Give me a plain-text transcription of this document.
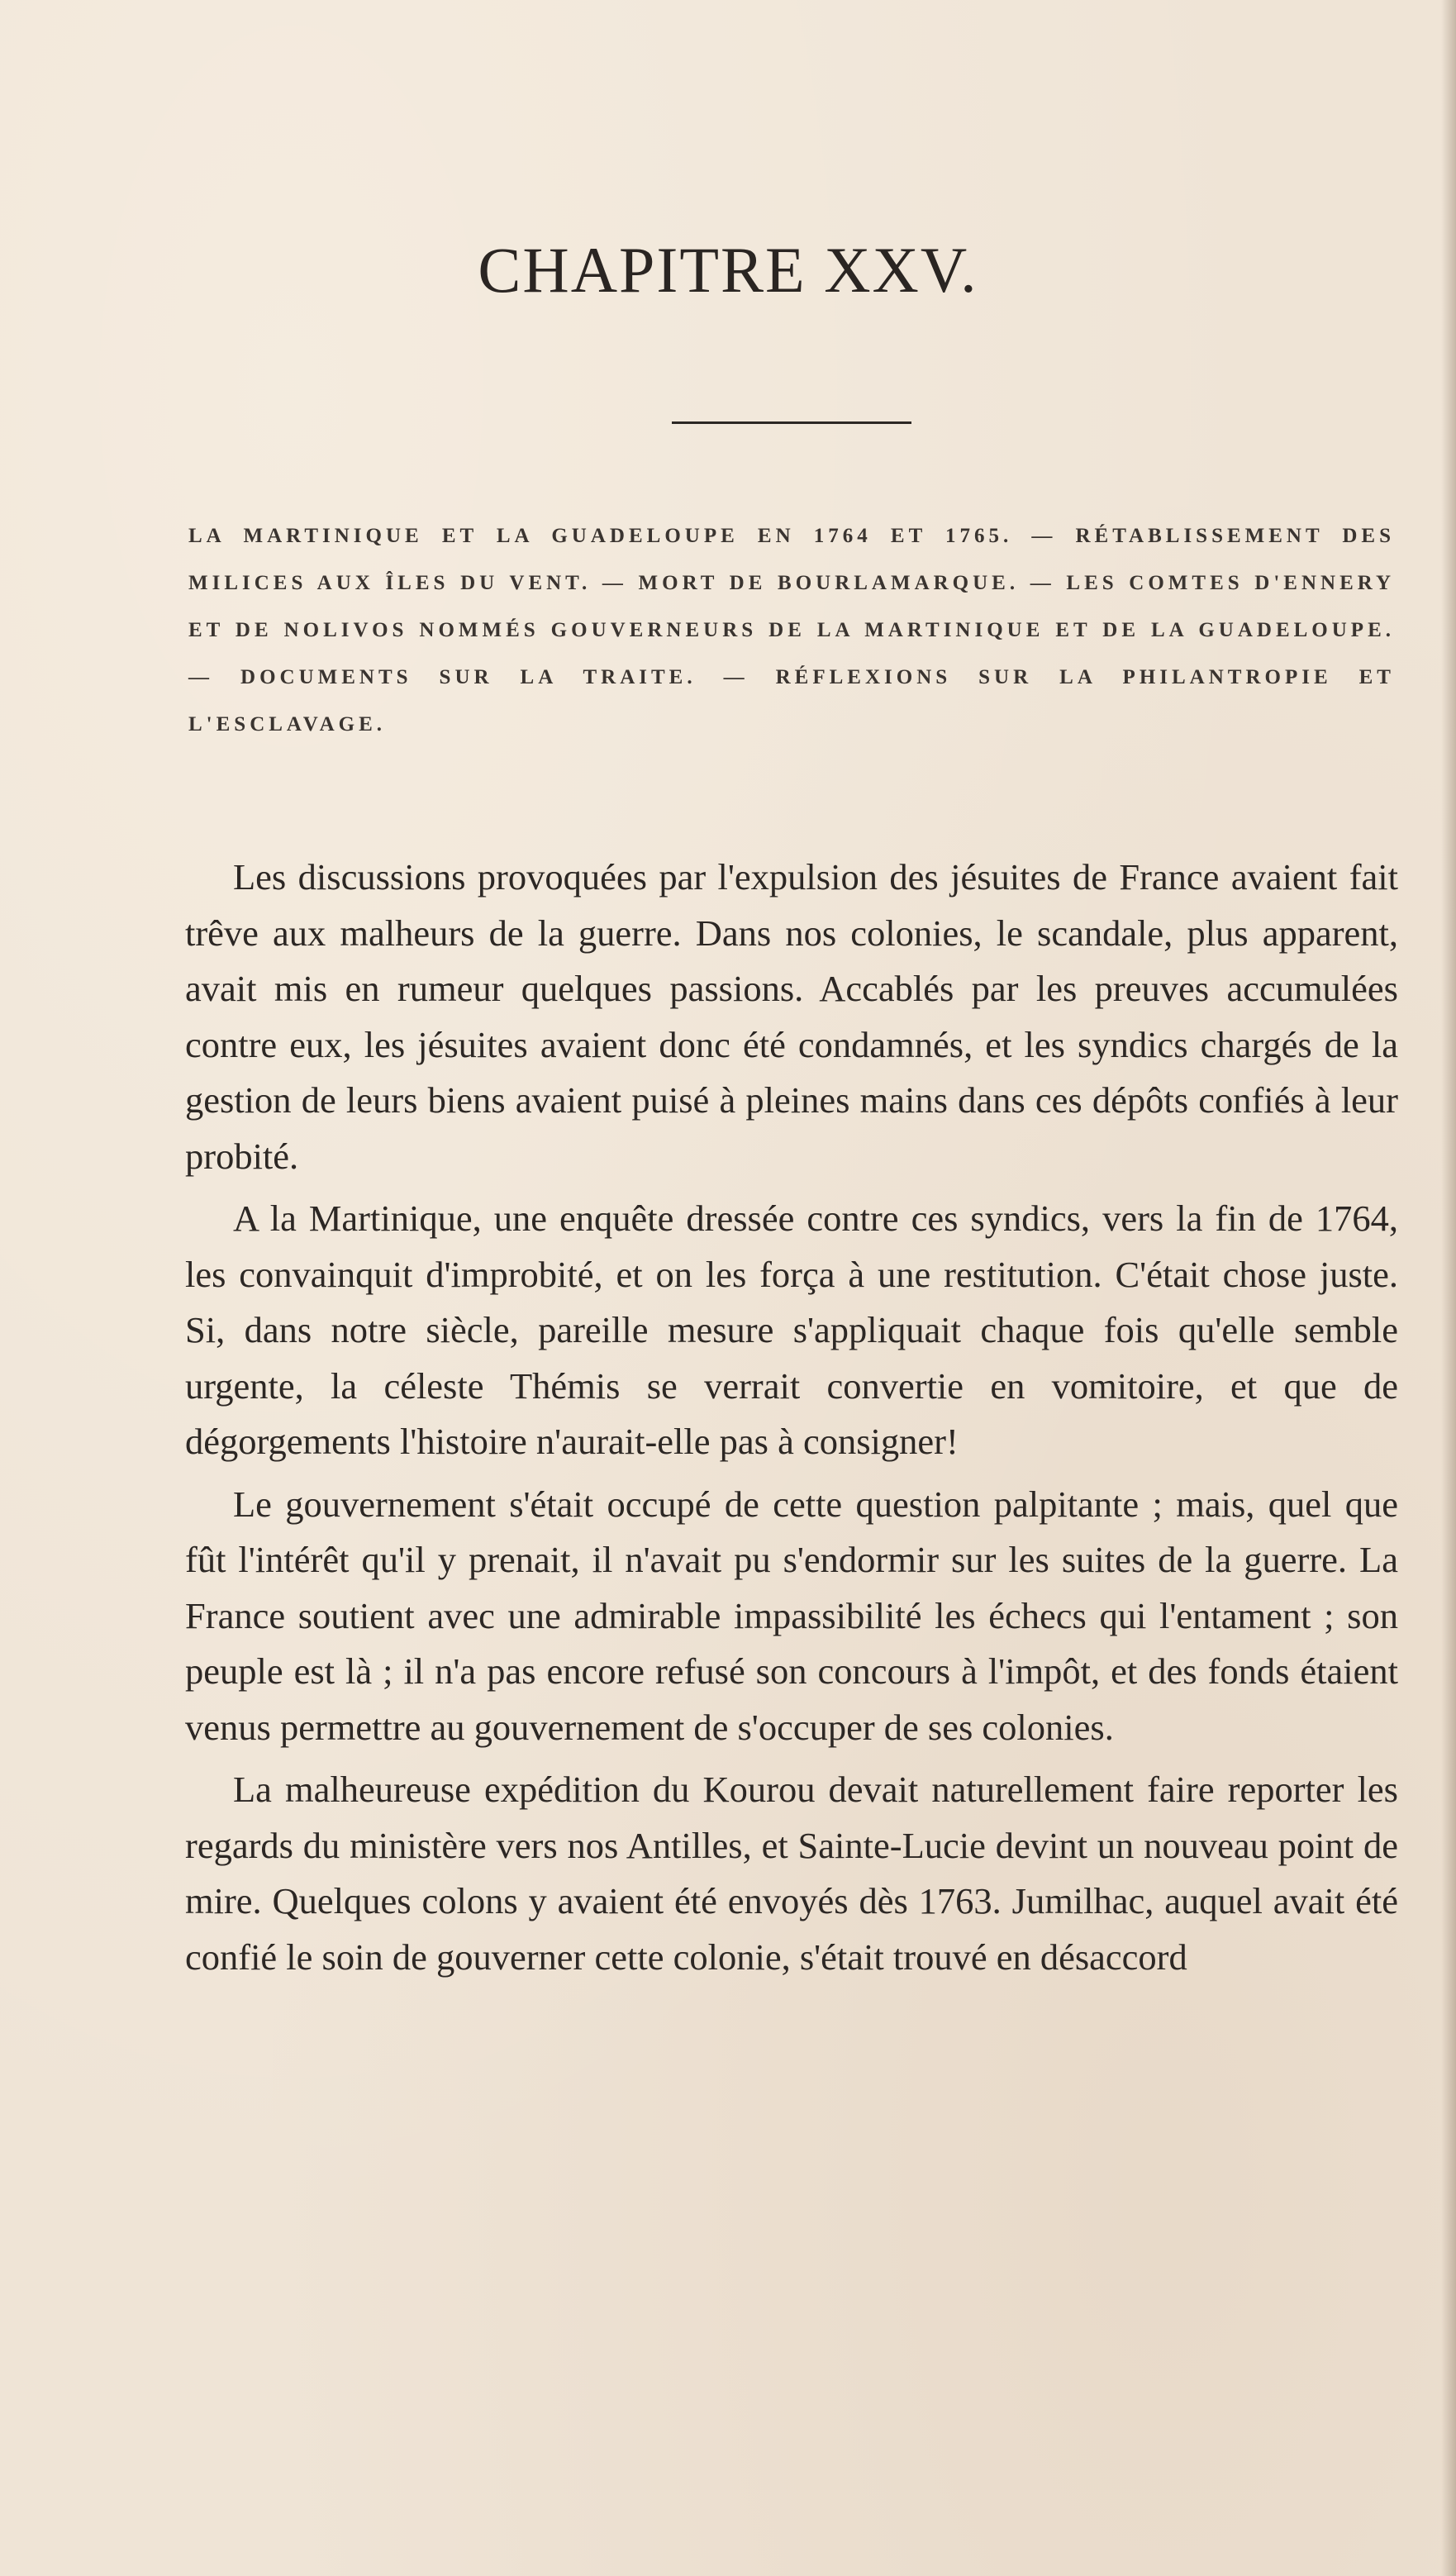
CHAPITRE XXV.

LA MARTINIQUE ET LA GUADELOUPE EN 1764 ET 1765. — RÉTABLISSEMENT DES MILICES AUX ÎLES DU VENT. — MORT DE BOURLAMARQUE. — LES COMTES D'ENNERY ET DE NOLIVOS NOMMÉS GOUVERNEURS DE LA MARTINIQUE ET DE LA GUADELOUPE. — DOCUMENTS SUR LA TRAITE. — RÉFLEXIONS SUR LA PHILANTROPIE ET L'ESCLAVAGE.

Les discussions provoquées par l'expulsion des jésuites de France avaient fait trêve aux malheurs de la guerre. Dans nos colonies, le scandale, plus apparent, avait mis en rumeur quelques passions. Accablés par les preuves accumulées contre eux, les jésuites avaient donc été condamnés, et les syndics chargés de la gestion de leurs biens avaient puisé à pleines mains dans ces dépôts confiés à leur probité.

A la Martinique, une enquête dressée contre ces syndics, vers la fin de 1764, les convainquit d'improbité, et on les força à une restitution. C'était chose juste. Si, dans notre siècle, pareille mesure s'appliquait chaque fois qu'elle semble urgente, la céleste Thémis se verrait convertie en vomitoire, et que de dégorgements l'histoire n'aurait-elle pas à consigner!

Le gouvernement s'était occupé de cette question palpitante ; mais, quel que fût l'intérêt qu'il y prenait, il n'avait pu s'endormir sur les suites de la guerre. La France soutient avec une admirable impassibilité les échecs qui l'entament ; son peuple est là ; il n'a pas encore refusé son concours à l'impôt, et des fonds étaient venus permettre au gouvernement de s'occuper de ses colonies.

La malheureuse expédition du Kourou devait naturellement faire reporter les regards du ministère vers nos Antilles, et Sainte-Lucie devint un nouveau point de mire. Quelques colons y avaient été envoyés dès 1763. Jumilhac, auquel avait été confié le soin de gouverner cette colonie, s'était trouvé en désaccord
